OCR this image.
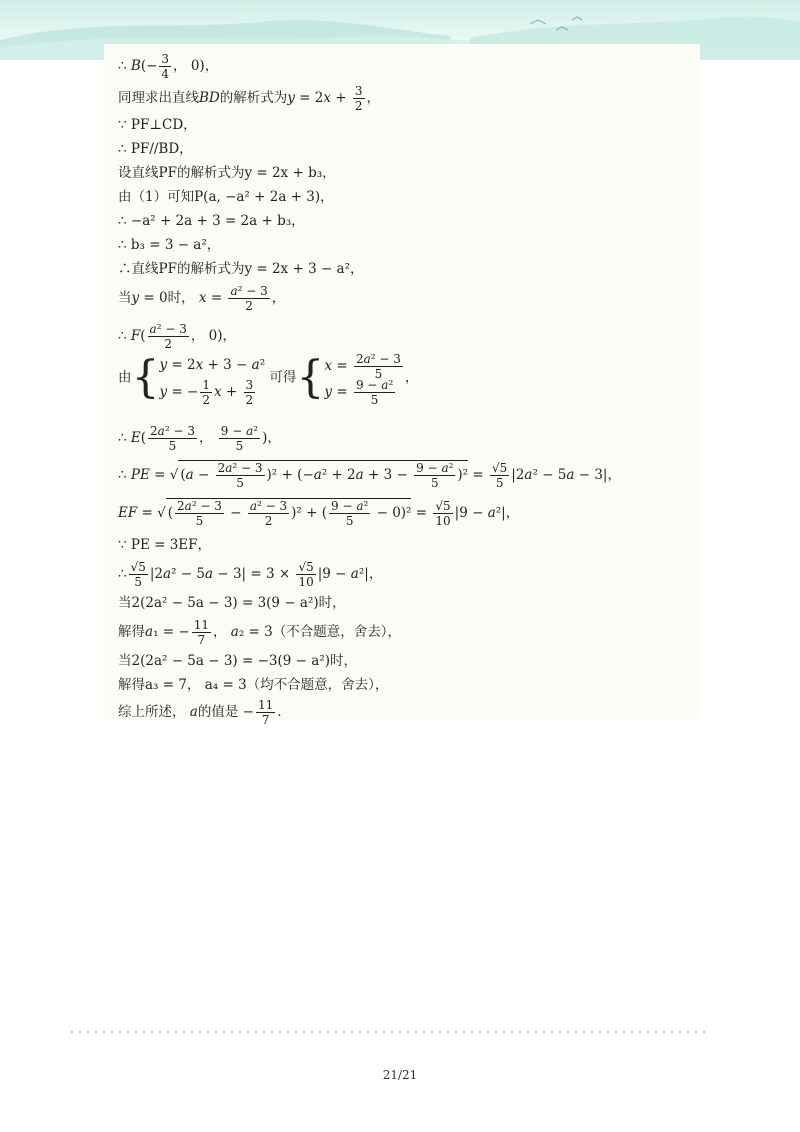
∴ $B(- \frac{3}{4}$ ， 0)，
同理求出直线BD的解析式为$y = 2x + \frac{3}{2}$ ，
∵ PF⊥CD，
∴ PF//BD，
设直线PF的解析式为y = 2x + b₃，
由（1）可知P(a, −a² + 2a + 3)，
∴ −a² + 2a + 3 = 2a + b₃，
∴ b₃ = 3 − a²，
∴直线PF的解析式为y = 2x + 3 − a²，
当y = 0时， $x = \frac{\text{a² − 3}}{2}$ ，
∴ $F( \frac{\text{a² − 3}}{2}$ ， 0)，
由{ y = 2x + 3 − a²
y = − $\frac{1}{2}$ $x + \frac{3}{2}$
可得{ $x = \frac{\text{2a² − 3}}{5}$
$y = \frac{\text{9 − a²}}{5}$
，
∴ $E( \frac{\text{2a² − 3}}{5}$ ， $\frac{\text{9 − a²}}{5}$ )，
∴ PE = √ $(a - \frac{\text{2a² − 3}}{5} )^2 + (-a^2 + 2a + 3 - \frac{\text{9 − a²}}{5} )^2 = \frac{√5}{5} |2a^2 - 5a - 3|$，
EF = √ ( $\frac{\text{2a² − 3}}{5} - \frac{\text{a² − 3}}{2} )^2$ + ( $\frac{\text{9 − a²}}{5} - 0)^2 = \frac{√5}{10} |9 - a^2|$，
∵ PE = 3EF，
∴ $\frac{√5}{5} |2a^2 - 5a - 3| = 3 \times \frac{√5}{10} |9 - a^2|$，
当2(2a² − 5a − 3) = 3(9 − a²)时，
解得a₁ = − $\frac{11}{7}$ ， a₂ = 3（不合题意，舍去），
当2(2a² − 5a − 3) = −3(9 − a²)时，
解得a₃ = 7， a₄ = 3（均不合题意，舍去），
综上所述， a的值是 − $\frac{11}{7}$ .
21/21
